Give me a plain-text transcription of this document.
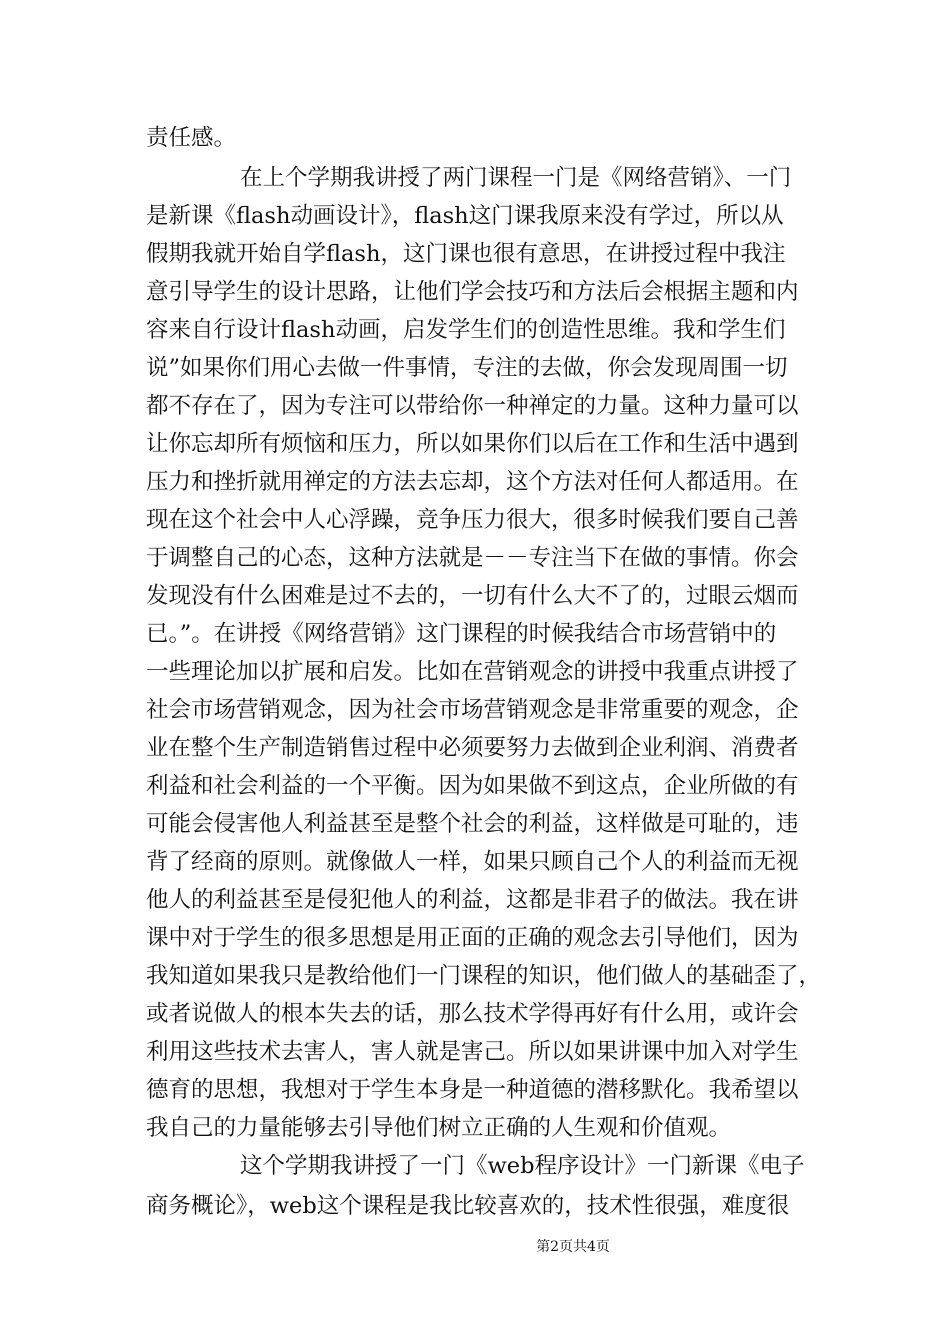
责任感。
在上个学期我讲授了两门课程一门是《网络营销》、一门
是新课《flash动画设计》，flash这门课我原来没有学过，所以从
假期我就开始自学flash，这门课也很有意思，在讲授过程中我注
意引导学生的设计思路，让他们学会技巧和方法后会根据主题和内
容来自行设计flash动画，启发学生们的创造性思维。我和学生们
说”如果你们用心去做一件事情，专注的去做，你会发现周围一切
都不存在了，因为专注可以带给你一种禅定的力量。这种力量可以
让你忘却所有烦恼和压力，所以如果你们以后在工作和生活中遇到
压力和挫折就用禅定的方法去忘却，这个方法对任何人都适用。在
现在这个社会中人心浮躁，竞争压力很大，很多时候我们要自己善
于调整自己的心态，这种方法就是－－专注当下在做的事情。你会
发现没有什么困难是过不去的，一切有什么大不了的，过眼云烟而
已。”。在讲授《网络营销》这门课程的时候我结合市场营销中的
一些理论加以扩展和启发。比如在营销观念的讲授中我重点讲授了
社会市场营销观念，因为社会市场营销观念是非常重要的观念，企
业在整个生产制造销售过程中必须要努力去做到企业利润、消费者
利益和社会利益的一个平衡。因为如果做不到这点，企业所做的有
可能会侵害他人利益甚至是整个社会的利益，这样做是可耻的，违
背了经商的原则。就像做人一样，如果只顾自己个人的利益而无视
他人的利益甚至是侵犯他人的利益，这都是非君子的做法。我在讲
课中对于学生的很多思想是用正面的正确的观念去引导他们，因为
我知道如果我只是教给他们一门课程的知识，他们做人的基础歪了，
或者说做人的根本失去的话，那么技术学得再好有什么用，或许会
利用这些技术去害人，害人就是害己。所以如果讲课中加入对学生
德育的思想，我想对于学生本身是一种道德的潜移默化。我希望以
我自己的力量能够去引导他们树立正确的人生观和价值观。
这个学期我讲授了一门《web程序设计》一门新课《电子
商务概论》，web这个课程是我比较喜欢的，技术性很强，难度很
第2页共4页
